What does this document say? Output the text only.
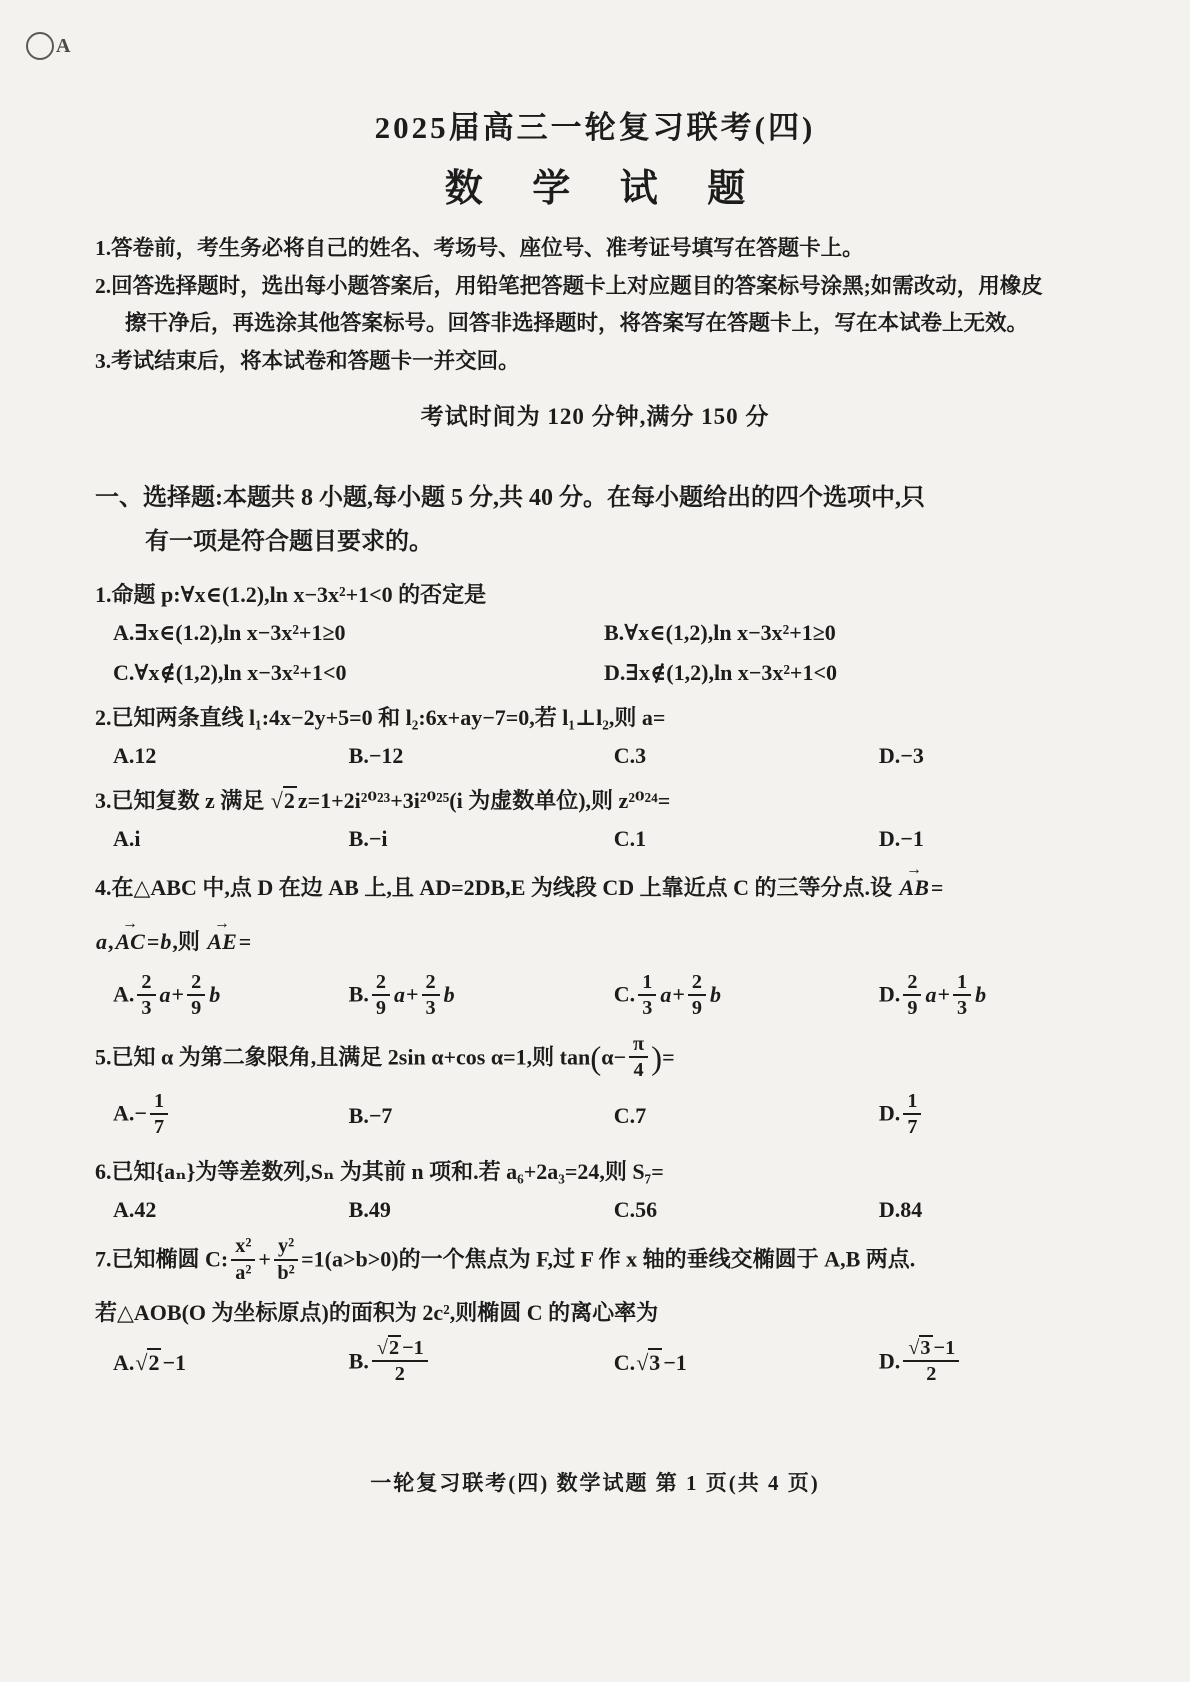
A
2025届高三一轮复习联考(四)
数 学 试 题

1.答卷前，考生务必将自己的姓名、考场号、座位号、准考证号填写在答题卡上。

2.回答选择题时，选出每小题答案后，用铅笔把答题卡上对应题目的答案标号涂黑;如需改动，用橡皮

擦干净后，再选涂其他答案标号。回答非选择题时，将答案写在答题卡上，写在本试卷上无效。

3.考试结束后，将本试卷和答题卡一并交回。

考试时间为 120 分钟,满分 150 分

一、选择题:本题共 8 小题,每小题 5 分,共 40 分。在每小题给出的四个选项中,只

有一项是符合题目要求的。

1.命题 p:∀x∈(1.2),ln x−3x²+1<0 的否定是

A.∃x∈(1.2),ln x−3x²+1≥0	B.∀x∈(1,2),ln x−3x²+1≥0
C.∀x∉(1,2),ln x−3x²+1<0	D.∃x∉(1,2),ln x−3x²+1<0

2.已知两条直线 l₁:4x−2y+5=0 和 l₂:6x+ay−7=0,若 l₁⊥l₂,则 a=

A.12	B.−12	C.3	D.−3

3.已知复数 z 满足 √2 z=1+2i²⁰²³+3i²⁰²⁵(i 为虚数单位),则 z²⁰²⁴=

A.i	B.−i	C.1	D.−1

4.在△ABC 中,点 D 在边 AB 上,且 AD=2DB,E 为线段 CD 上靠近点 C 的三等分点.设
→
AB=

a,
→
AC=b,则
→
AE=

A. $\frac{2}{3} a+ \frac{2}{9}$ b	B. $\frac{2}{9} a+ \frac{2}{3}$ b	C. $\frac{1}{3} a+ \frac{2}{9}$ b	D. $\frac{2}{9} a+ \frac{1}{3}$ b

5.已知 α 为第二象限角,且满足 2sin α+cos α=1,则 $\tan(\alpha- \frac{\pi}{4}$ )=

$A.- \frac{1}{7}$	B.−7	C.7	D. $\frac{1}{7}$

6.已知{aₙ}为等差数列,Sₙ 为其前 n 项和.若 a₆+2a₃=24,则 S₇=

A.42	B.49	C.56	D.84

7.已知椭圆 C: $\frac{\text{x²}}{\text{a²}} + \frac{\text{y²}}{\text{b²}} =1(a>b>0)$的一个焦点为 F,过 F 作 x 轴的垂线交椭圆于 A,B 两点.

若△AOB(O 为坐标原点)的面积为 2c²,则椭圆 C 的离心率为

A.√2 −1	B. $\frac{√2 -1}{2}$	C.√3 −1	D. $\frac{√3 -1}{2}$

一轮复习联考(四) 数学试题 第 1 页(共 4 页)
